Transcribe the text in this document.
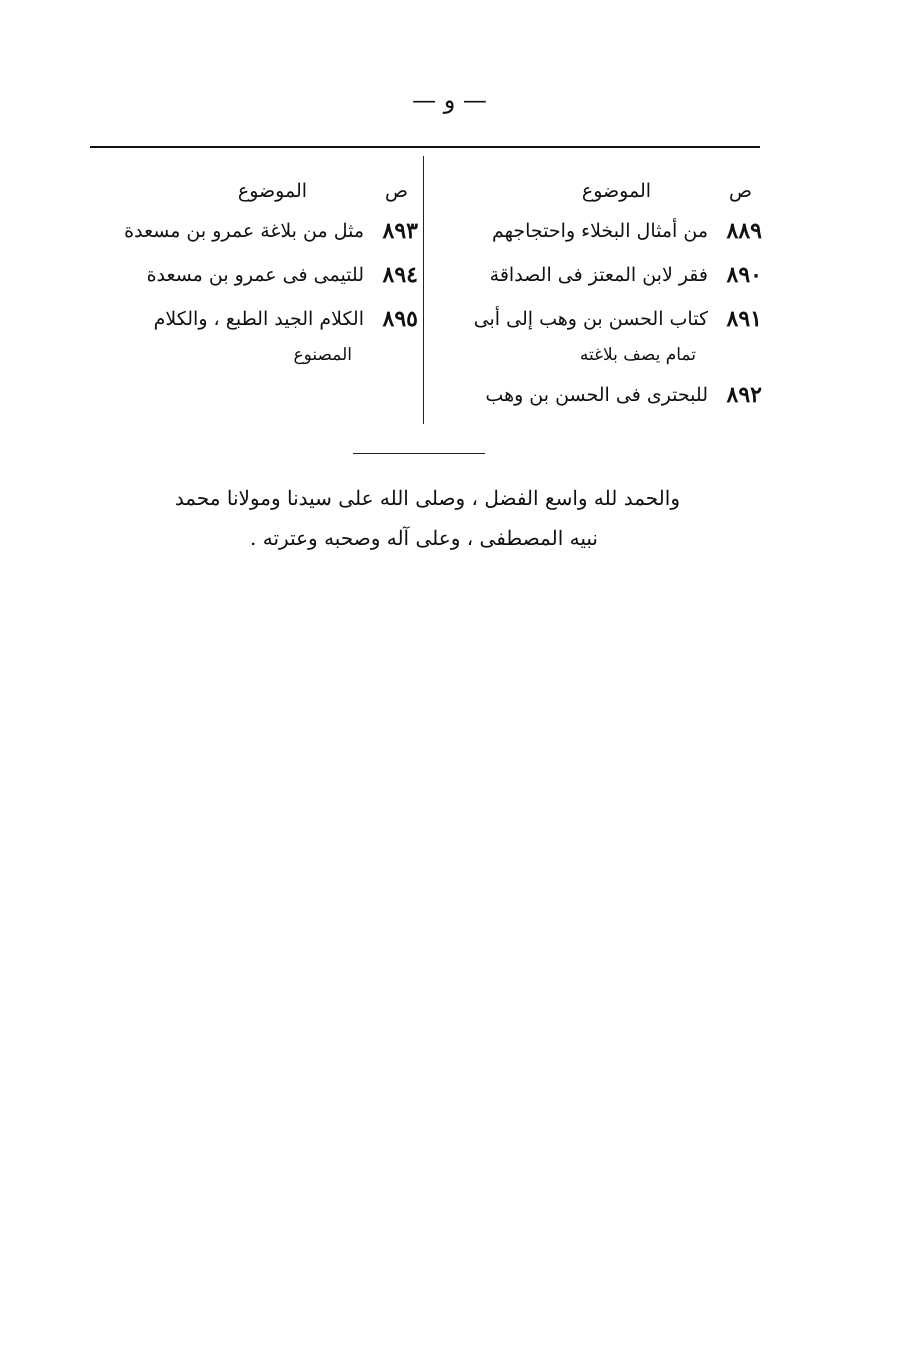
— و —
ص
الموضوع
٨٨٩
من أمثال البخلاء واحتجاجهم
٨٩٠
فقر لابن المعتز فى الصداقة
٨٩١
كتاب الحسن بن وهب إلى أبى
تمام يصف بلاغته
٨٩٢
للبحترى فى الحسن بن وهب
ص
الموضوع
٨٩٣
مثل من بلاغة عمرو بن مسعدة
٨٩٤
للتيمى فى عمرو بن مسعدة
٨٩٥
الكلام الجيد الطبع ، والكلام
المصنوع
والحمد لله واسع الفضل ، وصلى الله على سيدنا ومولانا محمد
نبيه المصطفى ، وعلى آله وصحبه وعترته .
